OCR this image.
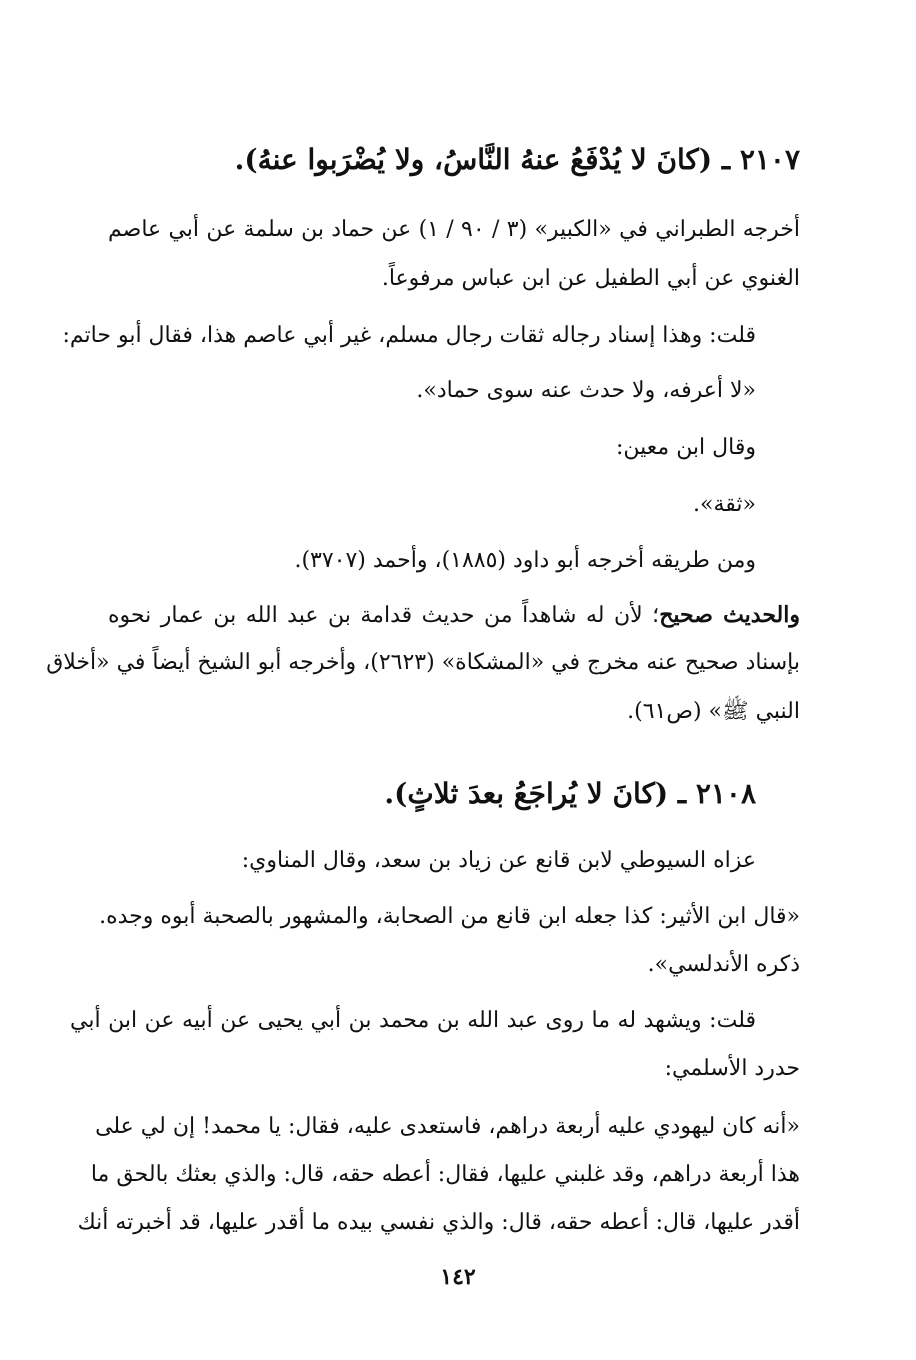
٢١٠٧ ـ (كانَ لا يُدْفَعُ عنهُ النَّاسُ، ولا يُضْرَبوا عنهُ).
أخرجه الطبراني في «الكبير» (٣ / ٩٠ / ١) عن حماد بن سلمة عن أبي عاصم
الغنوي عن أبي الطفيل عن ابن عباس مرفوعاً.
قلت: وهذا إسناد رجاله ثقات رجال مسلم، غير أبي عاصم هذا، فقال أبو حاتم:
«لا أعرفه، ولا حدث عنه سوى حماد».
وقال ابن معين:
«ثقة».
ومن طريقه أخرجه أبو داود (١٨٨٥)، وأحمد (٣٧٠٧).
والحديث صحيح؛ لأن له شاهداً من حديث قدامة بن عبد الله بن عمار نحوه
بإسناد صحيح عنه مخرج في «المشكاة» (٢٦٢٣)، وأخرجه أبو الشيخ أيضاً في «أخلاق
النبي ﷺ» (ص٦١).
٢١٠٨ ـ (كانَ لا يُراجَعُ بعدَ ثلاثٍ).
عزاه السيوطي لابن قانع عن زياد بن سعد، وقال المناوي:
«قال ابن الأثير: كذا جعله ابن قانع من الصحابة، والمشهور بالصحبة أبوه وجده.
ذكره الأندلسي».
قلت: ويشهد له ما روى عبد الله بن محمد بن أبي يحيى عن أبيه عن ابن أبي
حدرد الأسلمي:
«أنه كان ليهودي عليه أربعة دراهم، فاستعدى عليه، فقال: يا محمد! إن لي على
هذا أربعة دراهم، وقد غلبني عليها، فقال: أعطه حقه، قال: والذي بعثك بالحق ما
أقدر عليها، قال: أعطه حقه، قال: والذي نفسي بيده ما أقدر عليها، قد أخبرته أنك
١٤٢
